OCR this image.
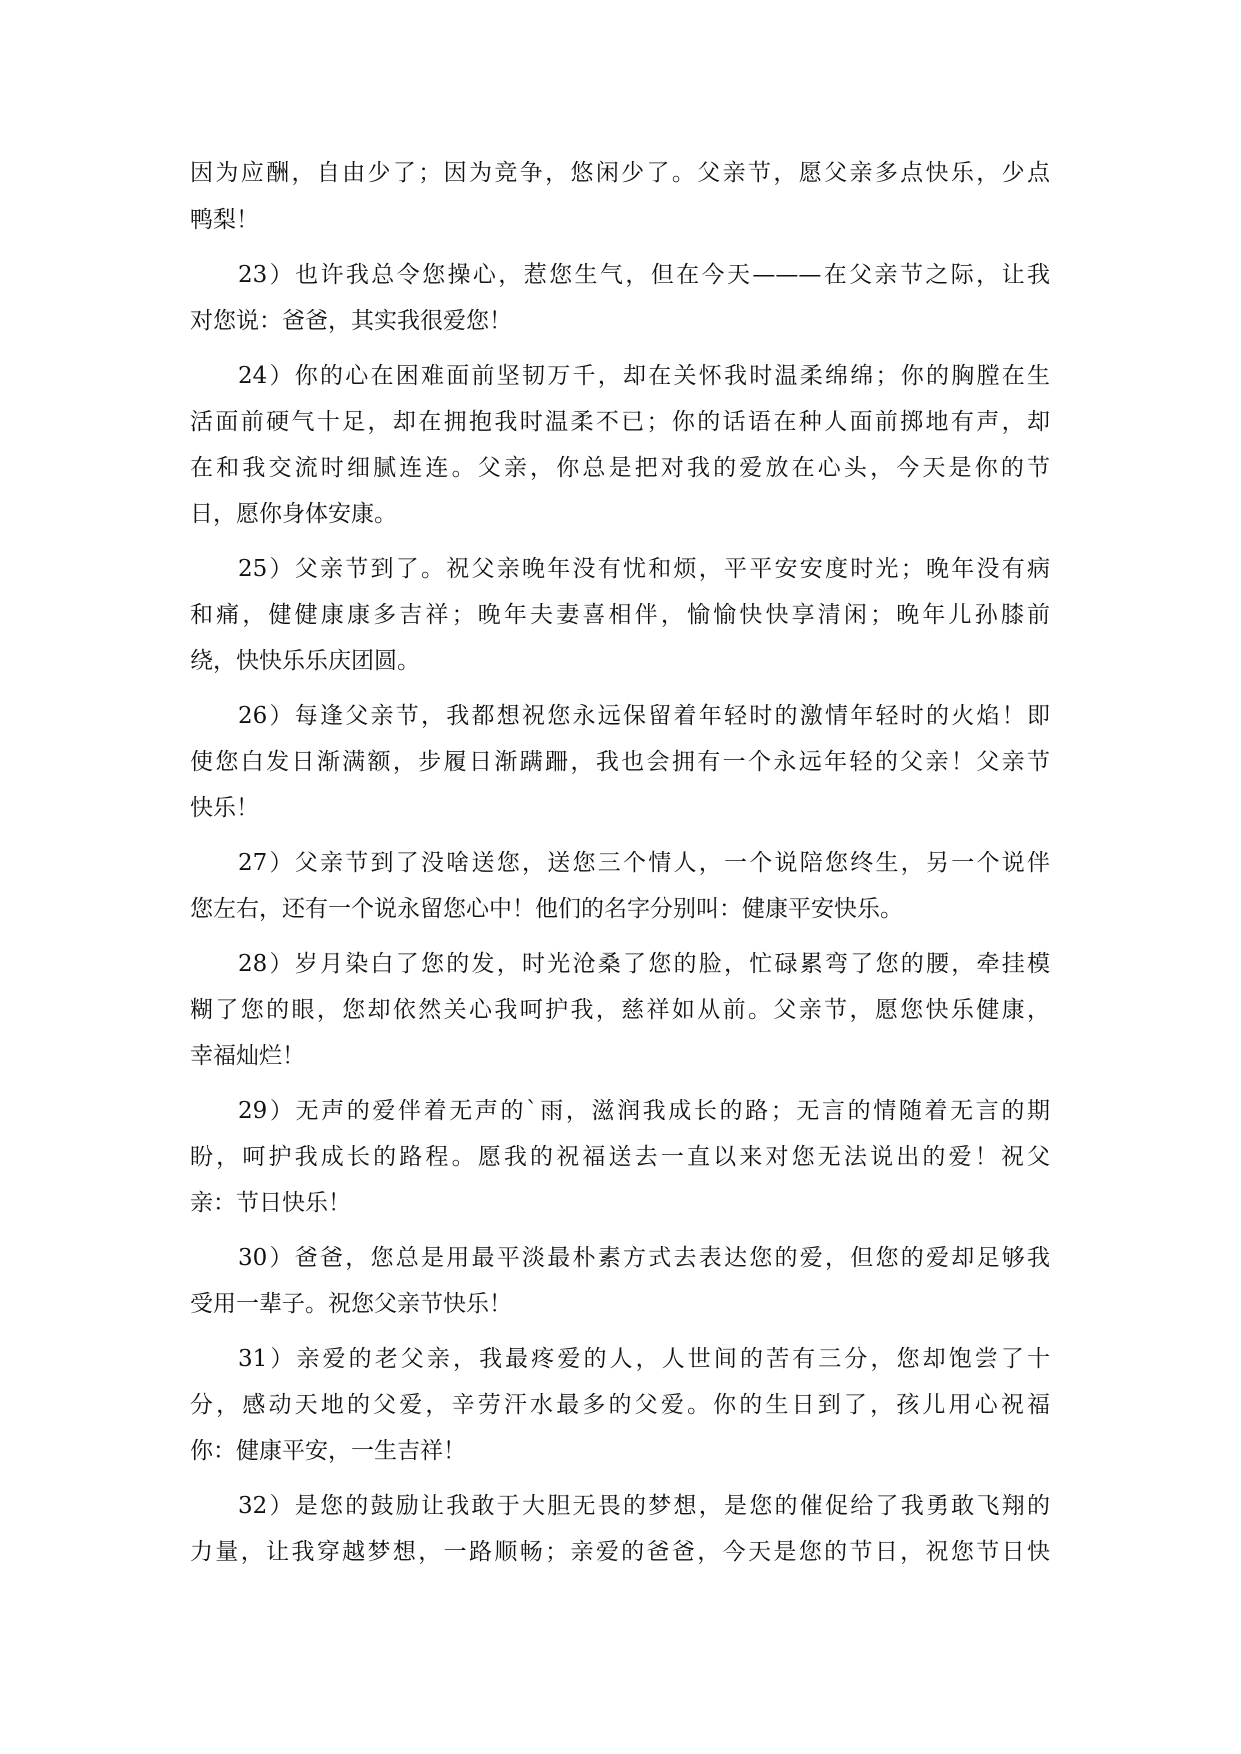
因为应酬，自由少了；因为竞争，悠闲少了。父亲节，愿父亲多点快乐，少点
鸭梨！
23）也许我总令您操心，惹您生气，但在今天———在父亲节之际，让我
对您说：爸爸，其实我很爱您！
24）你的心在困难面前坚韧万千，却在关怀我时温柔绵绵；你的胸膛在生
活面前硬气十足，却在拥抱我时温柔不已；你的话语在种人面前掷地有声，却
在和我交流时细腻连连。父亲，你总是把对我的爱放在心头，今天是你的节
日，愿你身体安康。
25）父亲节到了。祝父亲晚年没有忧和烦，平平安安度时光；晚年没有病
和痛，健健康康多吉祥；晚年夫妻喜相伴，愉愉快快享清闲；晚年儿孙膝前
绕，快快乐乐庆团圆。
26）每逢父亲节，我都想祝您永远保留着年轻时的激情年轻时的火焰！即
使您白发日渐满额，步履日渐蹒跚，我也会拥有一个永远年轻的父亲！父亲节
快乐！
27）父亲节到了没啥送您，送您三个情人，一个说陪您终生，另一个说伴
您左右，还有一个说永留您心中！他们的名字分别叫：健康平安快乐。
28）岁月染白了您的发，时光沧桑了您的脸，忙碌累弯了您的腰，牵挂模
糊了您的眼，您却依然关心我呵护我，慈祥如从前。父亲节，愿您快乐健康，
幸福灿烂！
29）无声的爱伴着无声的`雨，滋润我成长的路；无言的情随着无言的期
盼，呵护我成长的路程。愿我的祝福送去一直以来对您无法说出的爱！祝父
亲：节日快乐！
30）爸爸，您总是用最平淡最朴素方式去表达您的爱，但您的爱却足够我
受用一辈子。祝您父亲节快乐！
31）亲爱的老父亲，我最疼爱的人，人世间的苦有三分，您却饱尝了十
分，感动天地的父爱，辛劳汗水最多的父爱。你的生日到了，孩儿用心祝福
你：健康平安，一生吉祥！
32）是您的鼓励让我敢于大胆无畏的梦想，是您的催促给了我勇敢飞翔的
力量，让我穿越梦想，一路顺畅；亲爱的爸爸，今天是您的节日，祝您节日快
